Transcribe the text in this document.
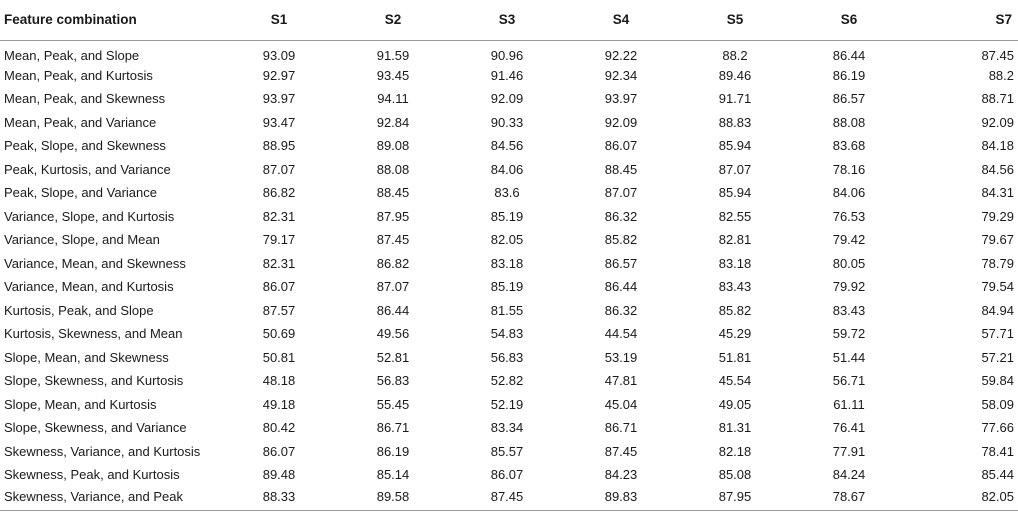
Feature combination	S1	S2	S3	S4	S5	S6	S7
Mean, Peak, and Slope	93.09	91.59	90.96	92.22	88.2	86.44	87.45
Mean, Peak, and Kurtosis	92.97	93.45	91.46	92.34	89.46	86.19	88.2
Mean, Peak, and Skewness	93.97	94.11	92.09	93.97	91.71	86.57	88.71
Mean, Peak, and Variance	93.47	92.84	90.33	92.09	88.83	88.08	92.09
Peak, Slope, and Skewness	88.95	89.08	84.56	86.07	85.94	83.68	84.18
Peak, Kurtosis, and Variance	87.07	88.08	84.06	88.45	87.07	78.16	84.56
Peak, Slope, and Variance	86.82	88.45	83.6	87.07	85.94	84.06	84.31
Variance, Slope, and Kurtosis	82.31	87.95	85.19	86.32	82.55	76.53	79.29
Variance, Slope, and Mean	79.17	87.45	82.05	85.82	82.81	79.42	79.67
Variance, Mean, and Skewness	82.31	86.82	83.18	86.57	83.18	80.05	78.79
Variance, Mean, and Kurtosis	86.07	87.07	85.19	86.44	83.43	79.92	79.54
Kurtosis, Peak, and Slope	87.57	86.44	81.55	86.32	85.82	83.43	84.94
Kurtosis, Skewness, and Mean	50.69	49.56	54.83	44.54	45.29	59.72	57.71
Slope, Mean, and Skewness	50.81	52.81	56.83	53.19	51.81	51.44	57.21
Slope, Skewness, and Kurtosis	48.18	56.83	52.82	47.81	45.54	56.71	59.84
Slope, Mean, and Kurtosis	49.18	55.45	52.19	45.04	49.05	61.11	58.09
Slope, Skewness, and Variance	80.42	86.71	83.34	86.71	81.31	76.41	77.66
Skewness, Variance, and Kurtosis	86.07	86.19	85.57	87.45	82.18	77.91	78.41
Skewness, Peak, and Kurtosis	89.48	85.14	86.07	84.23	85.08	84.24	85.44
Skewness, Variance, and Peak	88.33	89.58	87.45	89.83	87.95	78.67	82.05
